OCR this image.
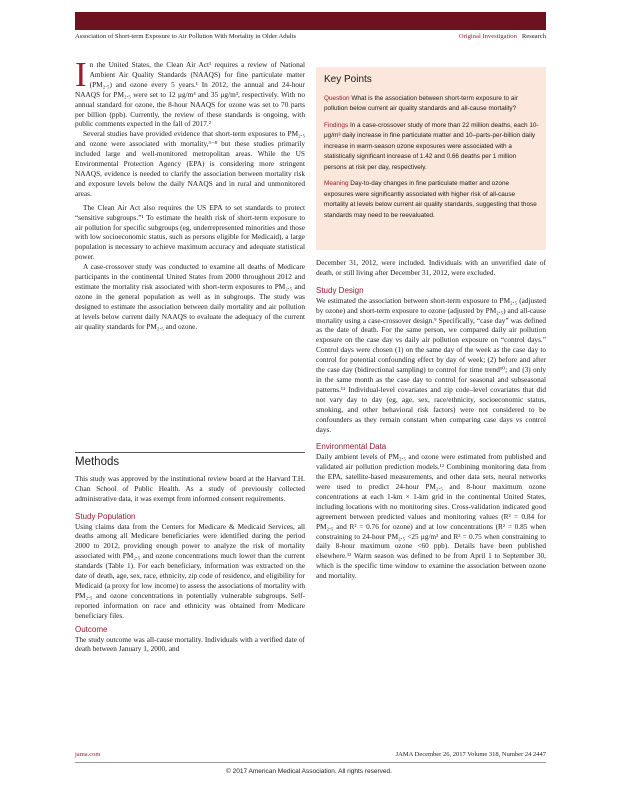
Association of Short-term Exposure to Air Pollution With Mortality in Older Adults	Original Investigation Research

In the United States, the Clean Air Act¹ requires a review of National Ambient Air Quality Standards (NAAQS) for fine particulate matter (PM₂.₅) and ozone every 5 years.¹ In 2012, the annual and 24-hour NAAQS for PM₂.₅ were set to 12 μg/m³ and 35 μg/m³, respectively. With no annual standard for ozone, the 8-hour NAAQS for ozone was set to 70 parts per billion (ppb). Currently, the review of these standards is ongoing, with public comments expected in the fall of 2017.²

Several studies have provided evidence that short-term exposures to PM₂.₅ and ozone were associated with mortality,³⁻⁸ but these studies primarily included large and well-monitored metropolitan areas. While the US Environmental Protection Agency (EPA) is considering more stringent NAAQS, evidence is needed to clarify the association between mortality risk and exposure levels below the daily NAAQS and in rural and unmonitored areas.

The Clean Air Act also requires the US EPA to set standards to protect “sensitive subgroups.”¹ To estimate the health risk of short-term exposure to air pollution for specific subgroups (eg, underrepresented minorities and those with low socioeconomic status, such as persons eligible for Medicaid), a large population is necessary to achieve maximum accuracy and adequate statistical power.

A case-crossover study was conducted to examine all deaths of Medicare participants in the continental United States from 2000 throughout 2012 and estimate the mortality risk associated with short-term exposures to PM₂.₅ and ozone in the general population as well as in subgroups. The study was designed to estimate the association between daily mortality and air pollution at levels below current daily NAAQS to evaluate the adequacy of the current air quality standards for PM₂.₅ and ozone.

Methods

This study was approved by the institutional review board at the Harvard T.H. Chan School of Public Health. As a study of previously collected administrative data, it was exempt from informed consent requirements.

Study Population

Using claims data from the Centers for Medicare & Medicaid Services, all deaths among all Medicare beneficiaries were identified during the period 2000 to 2012, providing enough power to analyze the risk of mortality associated with PM₂.₅ and ozone concentrations much lower than the current standards (Table 1). For each beneficiary, information was extracted on the date of death, age, sex, race, ethnicity, zip code of residence, and eligibility for Medicaid (a proxy for low income) to assess the associations of mortality with PM₂.₅ and ozone concentrations in potentially vulnerable subgroups. Self-reported information on race and ethnicity was obtained from Medicare beneficiary files.

Outcome

The study outcome was all-cause mortality. Individuals with a verified date of death between January 1, 2000, and

Key Points

Question What is the association between short-term exposure to air pollution below current air quality standards and all-cause mortality?

Findings In a case-crossover study of more than 22 million deaths, each 10-μg/m³ daily increase in fine particulate matter and 10–parts-per-billion daily increase in warm-season ozone exposures were associated with a statistically significant increase of 1.42 and 0.66 deaths per 1 million persons at risk per day, respectively.

Meaning Day-to-day changes in fine particulate matter and ozone exposures were significantly associated with higher risk of all-cause mortality at levels below current air quality standards, suggesting that those standards may need to be reevaluated.

December 31, 2012, were included. Individuals with an unverified date of death, or still living after December 31, 2012, were excluded.

Study Design

We estimated the association between short-term exposure to PM₂.₅ (adjusted by ozone) and short-term exposure to ozone (adjusted by PM₂.₅) and all-cause mortality using a case-crossover design.⁹ Specifically, “case day” was defined as the date of death. For the same person, we compared daily air pollution exposure on the case day vs daily air pollution exposure on “control days.” Control days were chosen (1) on the same day of the week as the case day to control for potential confounding effect by day of week; (2) before and after the case day (bidirectional sampling) to control for time trend¹⁰; and (3) only in the same month as the case day to control for seasonal and subseasonal patterns.¹¹ Individual-level covariates and zip code–level covariates that did not vary day to day (eg, age, sex, race/ethnicity, socioeconomic status, smoking, and other behavioral risk factors) were not considered to be confounders as they remain constant when comparing case days vs control days.

Environmental Data

Daily ambient levels of PM₂.₅ and ozone were estimated from published and validated air pollution prediction models.¹² Combining monitoring data from the EPA, satellite-based measurements, and other data sets, neural networks were used to predict 24-hour PM₂.₅ and 8-hour maximum ozone concentrations at each 1-km × 1-km grid in the continental United States, including locations with no monitoring sites. Cross-validation indicated good agreement between predicted values and monitoring values (R² = 0.84 for PM₂.₅ and R² = 0.76 for ozone) and at low concentrations (R² = 0.85 when constraining to 24-hour PM₂.₅ <25 μg/m³ and R² = 0.75 when constraining to daily 8-hour maximum ozone <60 ppb). Details have been published elsewhere.¹² Warm season was defined to be from April 1 to September 30, which is the specific time window to examine the association between ozone and mortality.

jama.com	JAMA December 26, 2017 Volume 318, Number 24 2447
© 2017 American Medical Association. All rights reserved.
